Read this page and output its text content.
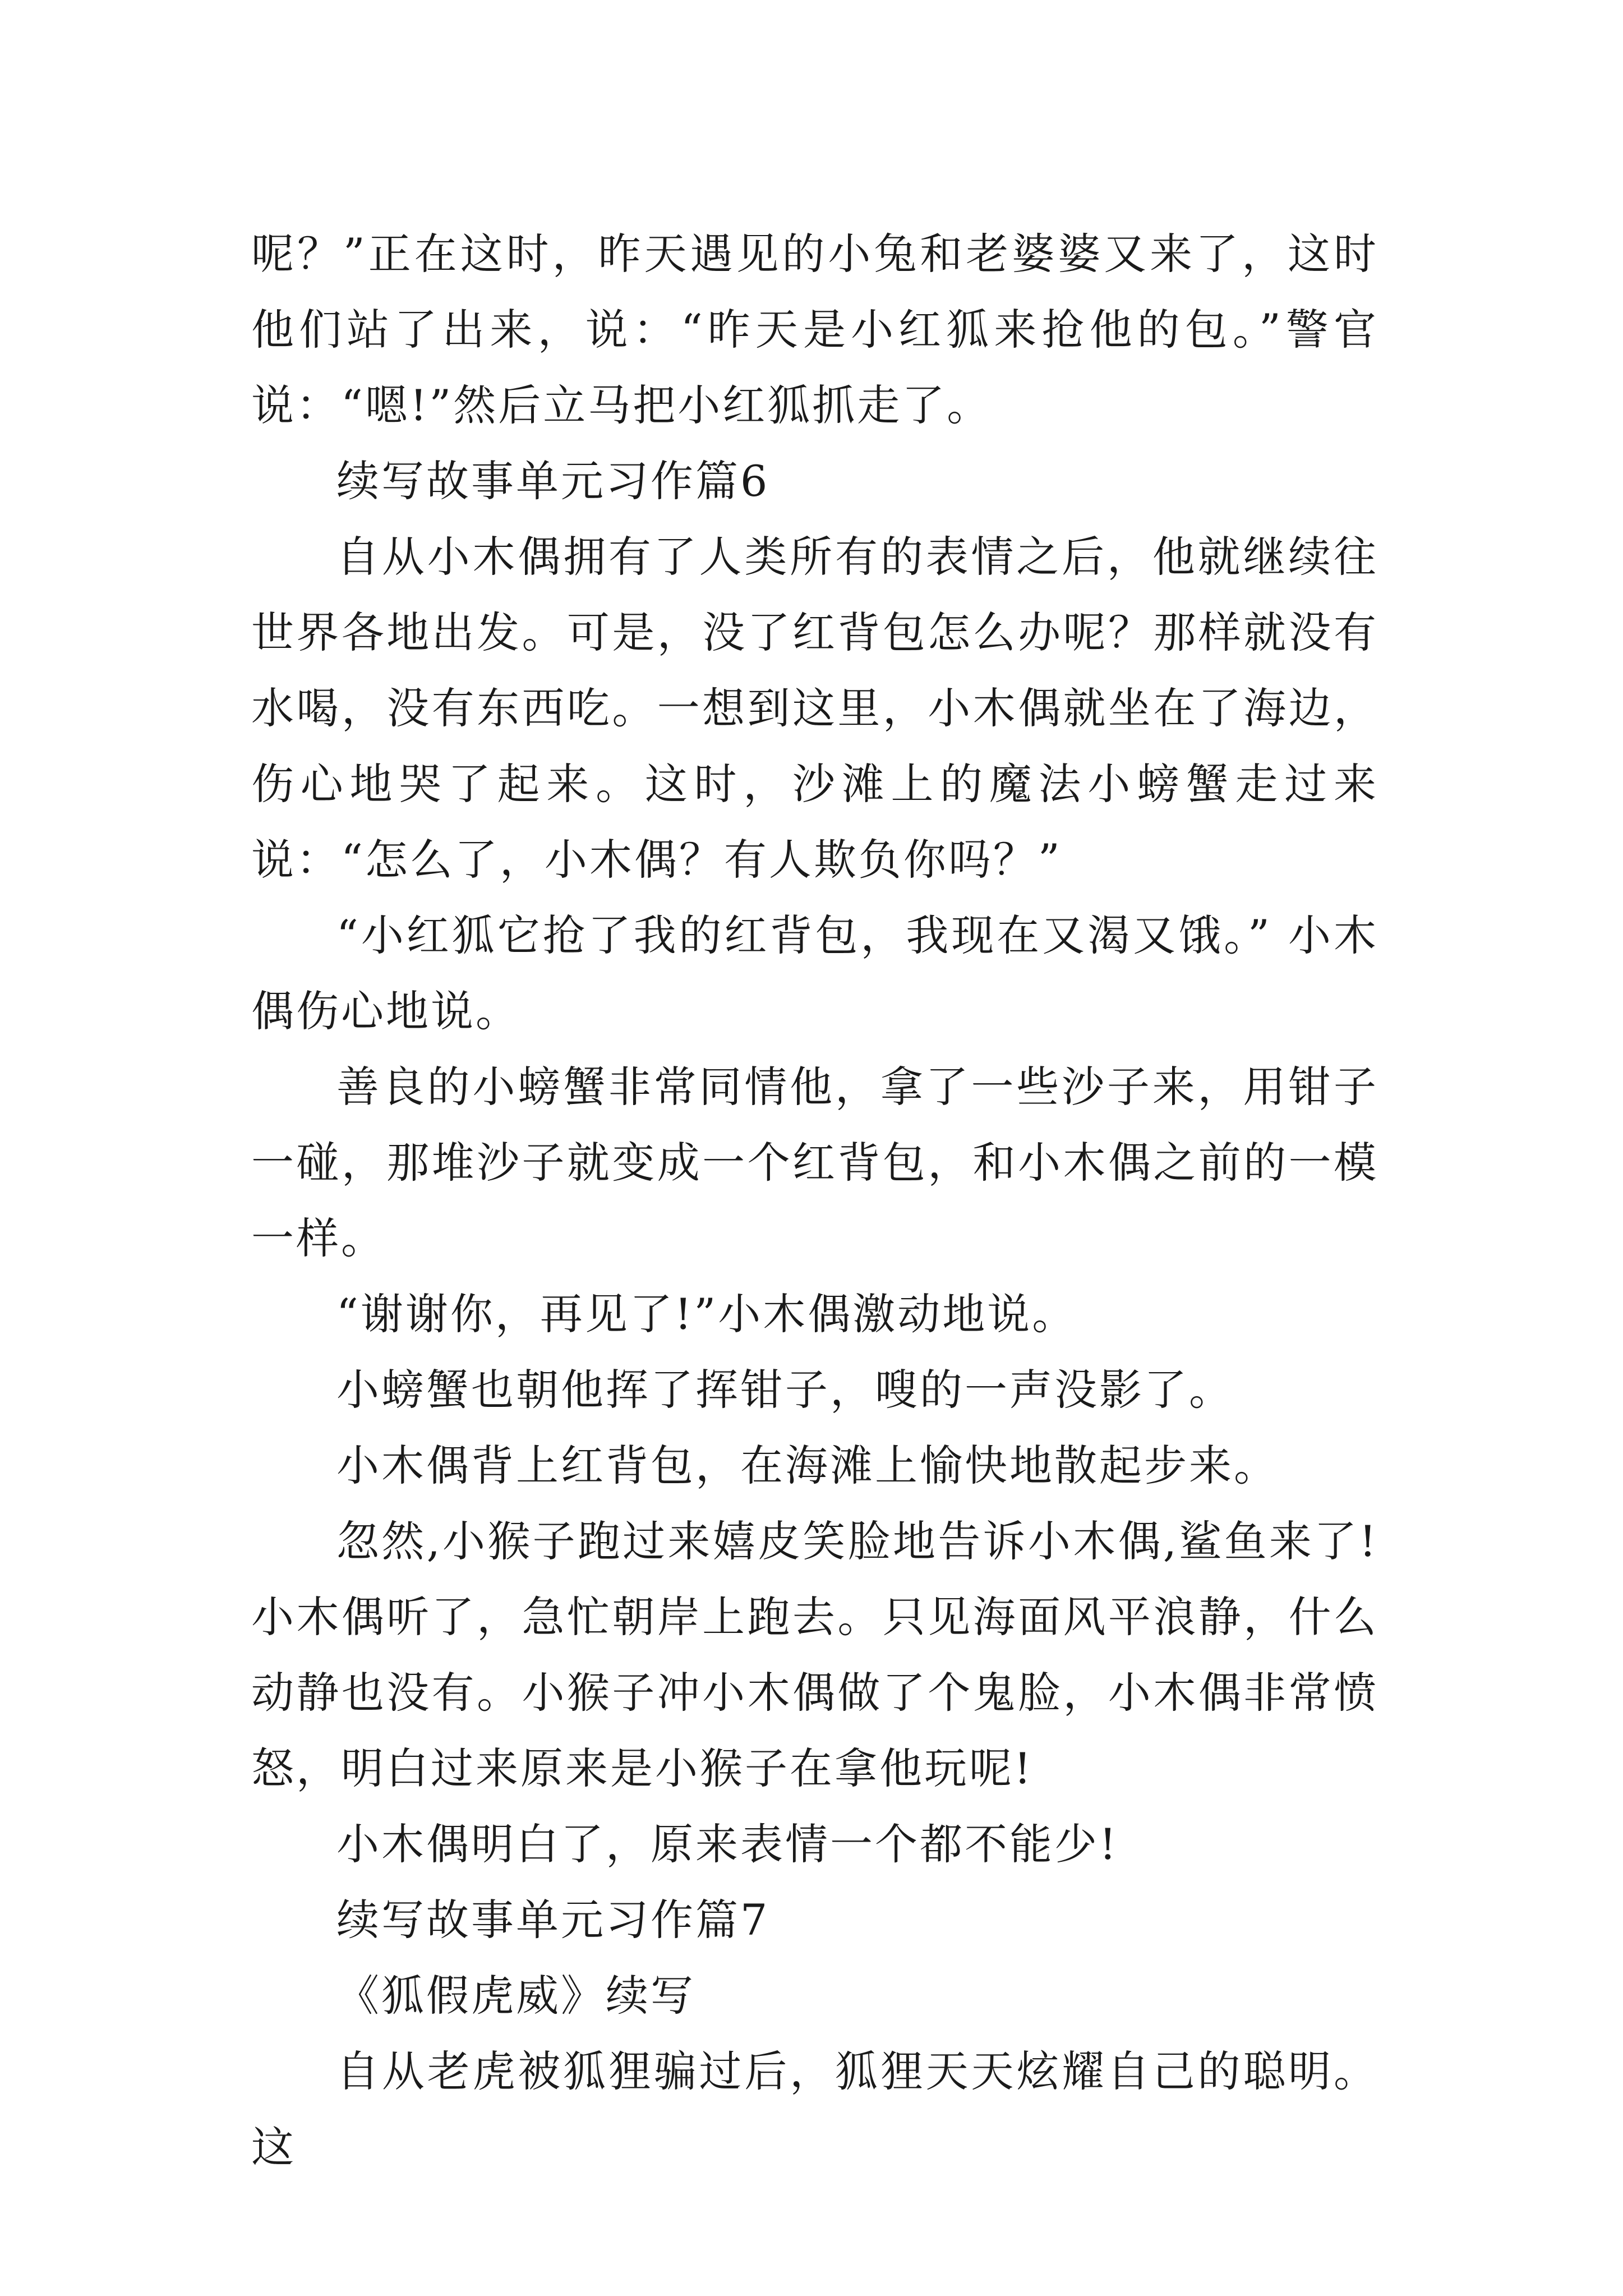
呢？”正在这时，昨天遇见的小兔和老婆婆又来了，这时他们站了出来，说：“昨天是小红狐来抢他的包。”警官说：“嗯!”然后立马把小红狐抓走了。

续写故事单元习作篇6

自从小木偶拥有了人类所有的表情之后，他就继续往世界各地出发。可是，没了红背包怎么办呢？那样就没有水喝，没有东西吃。一想到这里，小木偶就坐在了海边，伤心地哭了起来。这时，沙滩上的魔法小螃蟹走过来说：“怎么了，小木偶？有人欺负你吗？”

“小红狐它抢了我的红背包，我现在又渴又饿。” 小木偶伤心地说。

善良的小螃蟹非常同情他，拿了一些沙子来，用钳子一碰，那堆沙子就变成一个红背包，和小木偶之前的一模一样。

“谢谢你，再见了!”小木偶激动地说。

小螃蟹也朝他挥了挥钳子，嗖的一声没影了。

小木偶背上红背包，在海滩上愉快地散起步来。

忽然,小猴子跑过来嬉皮笑脸地告诉小木偶,鲨鱼来了!小木偶听了，急忙朝岸上跑去。只见海面风平浪静，什么动静也没有。小猴子冲小木偶做了个鬼脸，小木偶非常愤怒，明白过来原来是小猴子在拿他玩呢!

小木偶明白了，原来表情一个都不能少!

续写故事单元习作篇7

《狐假虎威》续写

自从老虎被狐狸骗过后，狐狸天天炫耀自己的聪明。这
